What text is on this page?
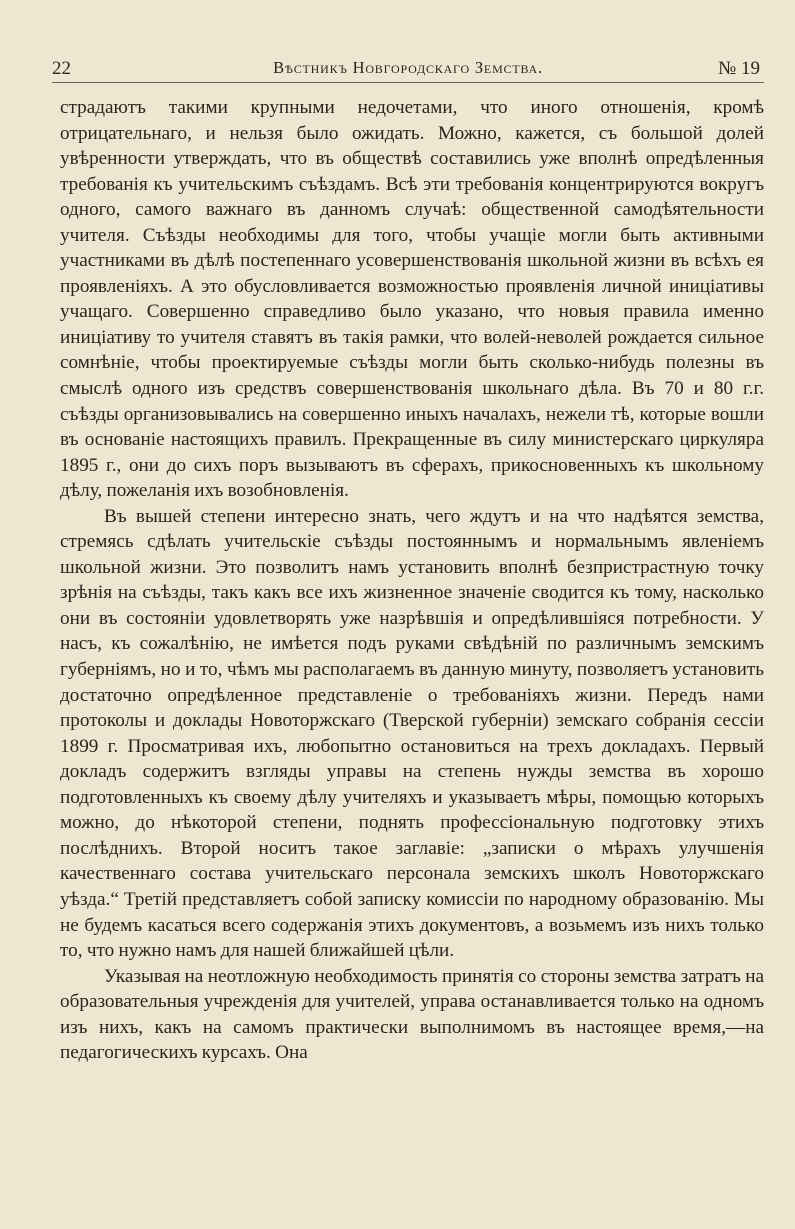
22	Вѣстникъ Новгородскаго Земства.	№ 19

страдаютъ такими крупными недочетами, что иного отношенія, кромѣ отрицательнаго, и нельзя было ожидать. Можно, кажется, съ большой долей увѣренности утверждать, что въ обществѣ составились уже вполнѣ опредѣленныя требованія къ учительскимъ съѣздамъ. Всѣ эти требованія концентрируются вокругъ одного, самого важнаго въ данномъ случаѣ: общественной самодѣятельности учителя. Съѣзды необходимы для того, чтобы учащіе могли быть активными участниками въ дѣлѣ постепеннаго усовершенствованія школьной жизни въ всѣхъ ея проявленіяхъ. А это обусловливается возможностью проявленія личной иниціативы учащаго. Совершенно справедливо было указано, что новыя правила именно иниціативу то учителя ставятъ въ такія рамки, что волей-неволей рождается сильное сомнѣніе, чтобы проектируемые съѣзды могли быть сколько-нибудь полезны въ смыслѣ одного изъ средствъ совершенствованія школьнаго дѣла. Въ 70 и 80 г.г. съѣзды организовывались на совершенно иныхъ началахъ, нежели тѣ, которые вошли въ основаніе настоящихъ правилъ. Прекращенные въ силу министерскаго циркуляра 1895 г., они до сихъ поръ вызываютъ въ сферахъ, прикосновенныхъ къ школьному дѣлу, пожеланія ихъ возобновленія.

Въ вышей степени интересно знать, чего ждутъ и на что надѣятся земства, стремясь сдѣлать учительскіе съѣзды постояннымъ и нормальнымъ явленіемъ школьной жизни. Это позволитъ намъ установить вполнѣ безпристрастную точку зрѣнія на съѣзды, такъ какъ все ихъ жизненное значеніе сводится къ тому, насколько они въ состояніи удовлетворять уже назрѣвшія и опредѣлившіяся потребности. У насъ, къ сожалѣнію, не имѣется подъ руками свѣдѣній по различнымъ земскимъ губерніямъ, но и то, чѣмъ мы располагаемъ въ данную минуту, позволяетъ установить достаточно опредѣленное представленіе о требованіяхъ жизни. Передъ нами протоколы и доклады Новоторжскаго (Тверской губерніи) земскаго собранія сессіи 1899 г. Просматривая ихъ, любопытно остановиться на трехъ докладахъ. Первый докладъ содержитъ взгляды управы на степень нужды земства въ хорошо подготовленныхъ къ своему дѣлу учителяхъ и указываетъ мѣры, помощью которыхъ можно, до нѣкоторой степени, поднять профессіональную подготовку этихъ послѣднихъ. Второй носитъ такое заглавіе: „записки о мѣрахъ улучшенія качественнаго состава учительскаго персонала земскихъ школъ Новоторжскаго уѣзда.“ Третій представляетъ собой записку комиссіи по народному образованію. Мы не будемъ касаться всего содержанія этихъ документовъ, а возьмемъ изъ нихъ только то, что нужно намъ для нашей ближайшей цѣли.

Указывая на неотложную необходимость принятія со стороны земства затратъ на образовательныя учрежденія для учителей, управа останавливается только на одномъ изъ нихъ, какъ на самомъ практически выполнимомъ въ настоящее время,—на педагогическихъ курсахъ. Она
